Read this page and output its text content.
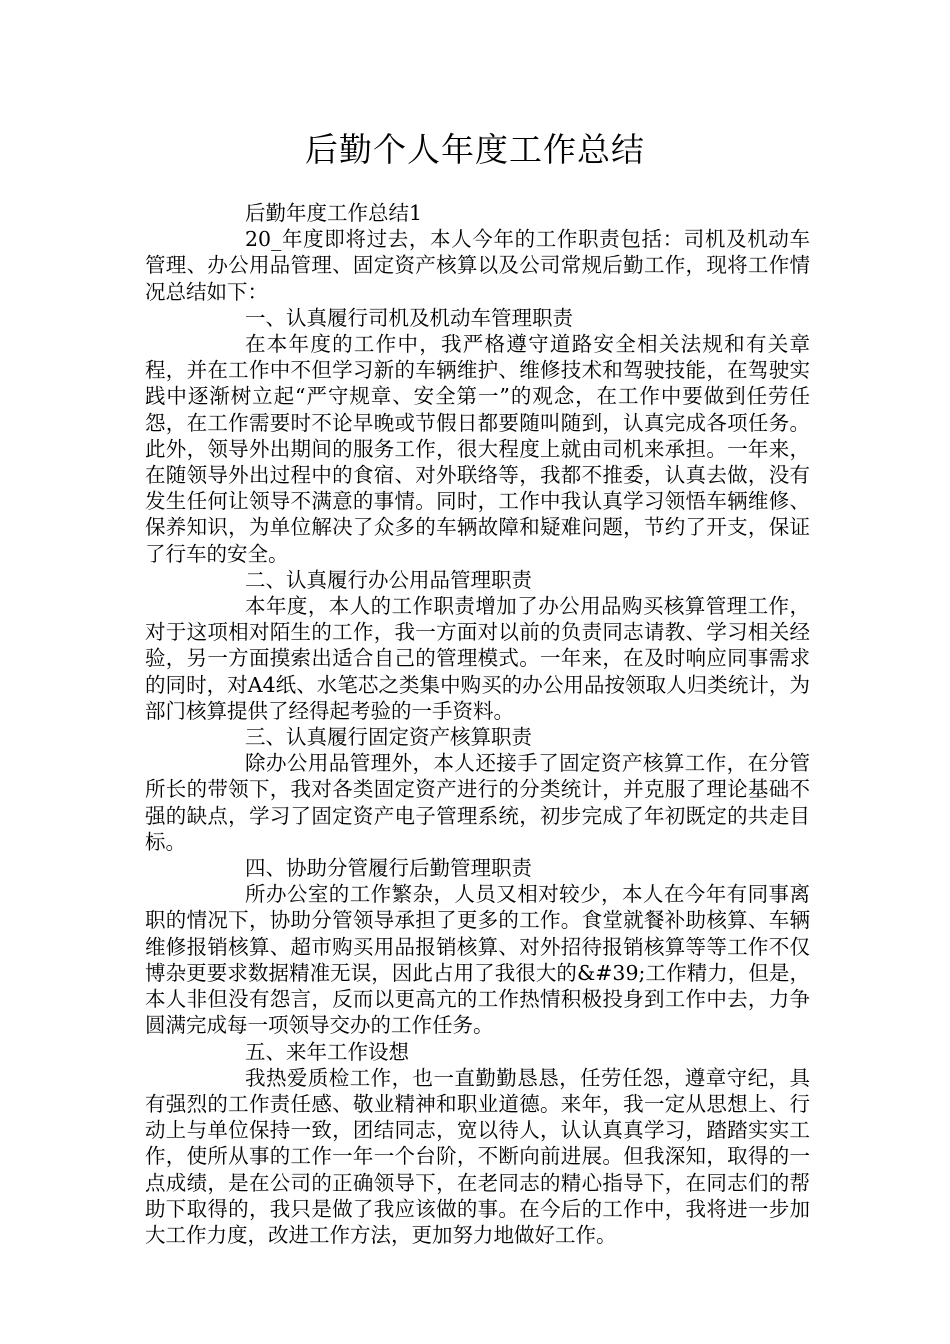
后勤个人年度工作总结

后勤年度工作总结1

20_年度即将过去，本人今年的工作职责包括：司机及机动车管理、办公用品管理、固定资产核算以及公司常规后勤工作，现将工作情况总结如下：

一、认真履行司机及机动车管理职责

在本年度的工作中，我严格遵守道路安全相关法规和有关章程，并在工作中不但学习新的车辆维护、维修技术和驾驶技能，在驾驶实践中逐渐树立起“严守规章、安全第一”的观念，在工作中要做到任劳任怨，在工作需要时不论早晚或节假日都要随叫随到，认真完成各项任务。此外，领导外出期间的服务工作，很大程度上就由司机来承担。一年来，在随领导外出过程中的食宿、对外联络等，我都不推委，认真去做，没有发生任何让领导不满意的事情。同时，工作中我认真学习领悟车辆维修、保养知识，为单位解决了众多的车辆故障和疑难问题，节约了开支，保证了行车的安全。

二、认真履行办公用品管理职责

本年度，本人的工作职责增加了办公用品购买核算管理工作，对于这项相对陌生的工作，我一方面对以前的负责同志请教、学习相关经验，另一方面摸索出适合自己的管理模式。一年来，在及时响应同事需求的同时，对A4纸、水笔芯之类集中购买的办公用品按领取人归类统计，为部门核算提供了经得起考验的一手资料。

三、认真履行固定资产核算职责

除办公用品管理外，本人还接手了固定资产核算工作，在分管所长的带领下，我对各类固定资产进行的分类统计，并克服了理论基础不强的缺点，学习了固定资产电子管理系统，初步完成了年初既定的共走目标。

四、协助分管履行后勤管理职责

所办公室的工作繁杂，人员又相对较少，本人在今年有同事离职的情况下，协助分管领导承担了更多的工作。食堂就餐补助核算、车辆维修报销核算、超市购买用品报销核算、对外招待报销核算等等工作不仅博杂更要求数据精准无误，因此占用了我很大的&#39;工作精力，但是，本人非但没有怨言，反而以更高亢的工作热情积极投身到工作中去，力争圆满完成每一项领导交办的工作任务。

五、来年工作设想

我热爱质检工作，也一直勤勤恳恳，任劳任怨，遵章守纪，具有强烈的工作责任感、敬业精神和职业道德。来年，我一定从思想上、行动上与单位保持一致，团结同志，宽以待人，认认真真学习，踏踏实实工作，使所从事的工作一年一个台阶，不断向前进展。但我深知，取得的一点成绩，是在公司的正确领导下，在老同志的精心指导下，在同志们的帮助下取得的，我只是做了我应该做的事。在今后的工作中，我将进一步加大工作力度，改进工作方法，更加努力地做好工作。
